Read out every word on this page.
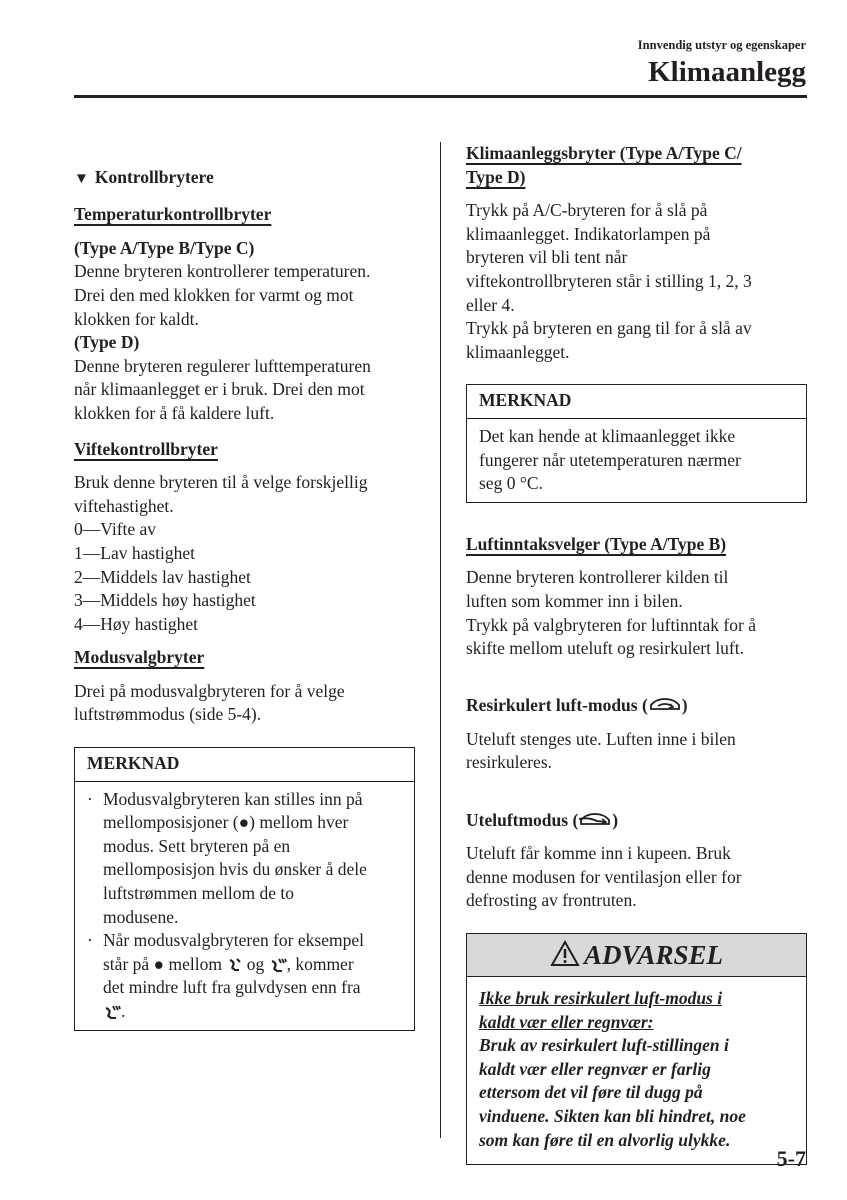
Innvendig utstyr og egenskaper
Klimaanlegg

▼ Kontrollbrytere

Temperaturkontrollbryter
(Type A/Type B/Type C)
Denne bryteren kontrollerer temperaturen.
Drei den med klokken for varmt og mot
klokken for kaldt.
(Type D)
Denne bryteren regulerer lufttemperaturen
når klimaanlegget er i bruk. Drei den mot
klokken for å få kaldere luft.
Viftekontrollbryter
Bruk denne bryteren til å velge forskjellig
viftehastighet.
0—Vifte av
1—Lav hastighet
2—Middels lav hastighet
3—Middels høy hastighet
4—Høy hastighet
Modusvalgbryter
Drei på modusvalgbryteren for å velge
luftstrømmodus (side 5-4).
MERKNAD
· Modusvalgbryteren kan stilles inn på
mellomposisjoner (●) mellom hver
modus. Sett bryteren på en
mellomposisjon hvis du ønsker å dele
luftstrømmen mellom de to
modusene.
· Når modusvalgbryteren for eksempel
står på ● mellom  og , kommer
det mindre luft fra gulvdysen enn fra
.
Klimaanleggsbryter (Type A/Type C/
Type D)
Trykk på A/C-bryteren for å slå på
klimaanlegget. Indikatorlampen på
bryteren vil bli tent når
viftekontrollbryteren står i stilling 1, 2, 3
eller 4.
Trykk på bryteren en gang til for å slå av
klimaanlegget.
MERKNAD
Det kan hende at klimaanlegget ikke
fungerer når utetemperaturen nærmer
seg 0 °C.
Luftinntaksvelger (Type A/Type B)
Denne bryteren kontrollerer kilden til
luften som kommer inn i bilen.
Trykk på valgbryteren for luftinntak for å
skifte mellom uteluft og resirkulert luft.

Resirkulert luft-modus ( )

Uteluft stenges ute. Luften inne i bilen
resirkuleres.

Uteluftmodus ( )

Uteluft får komme inn i kupeen. Bruk
denne modusen for ventilasjon eller for
defrosting av frontruten.
ADVARSEL
Ikke bruk resirkulert luft-modus i
kaldt vær eller regnvær:
Bruk av resirkulert luft-stillingen i
kaldt vær eller regnvær er farlig
ettersom det vil føre til dugg på
vinduene. Sikten kan bli hindret, noe
som kan føre til en alvorlig ulykke.
5-7
